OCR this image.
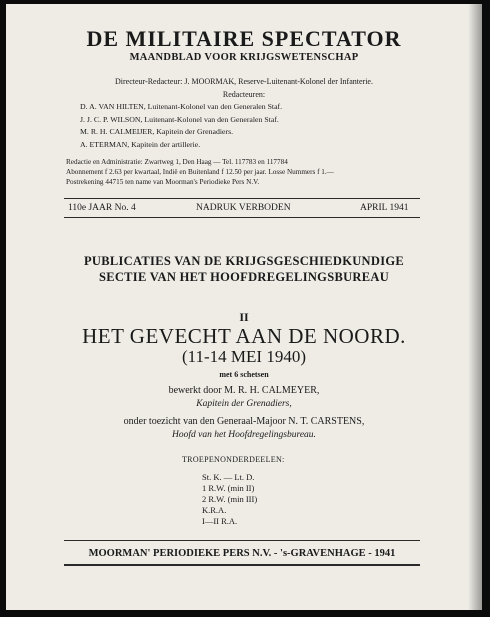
DE MILITAIRE SPECTATOR
MAANDBLAD VOOR KRIJGSWETENSCHAP
Directeur-Redacteur: J. MOORMAK, Reserve-Luitenant-Kolonel der Infanterie.
Redacteuren:
D. A. VAN HILTEN, Luitenant-Kolonel van den Generalen Staf.
J. J. C. P. WILSON, Luitenant-Kolonel van den Generalen Staf.
M. R. H. CALMEIJER, Kapitein der Grenadiers.
A. ETERMAN, Kapitein der artillerie.
Redactie en Administratie: Zwartweg 1, Den Haag — Tel. 117783 en 117784
Abonnement f 2.63 per kwartaal, Indië en Buitenland f 12.50 per jaar. Losse Nummers f 1.—
Postrekening 44715 ten name van Moorman's Periodieke Pers N.V.
110e JAAR No. 4	NADRUK VERBODEN	APRIL 1941
PUBLICATIES VAN DE KRIJGSGESCHIEDKUNDIGE
SECTIE VAN HET HOOFDREGELINGSBUREAU
II
HET GEVECHT AAN DE NOORD.
(11-14 MEI 1940)
met 6 schetsen
bewerkt door M. R. H. CALMEYER,
Kapitein der Grenadiers,
onder toezicht van den Generaal-Majoor N. T. CARSTENS,
Hoofd van het Hoofdregelingsbureau.
TROEPENONDERDEELEN:
St. K. — Lt. D.
1 R.W. (min II)
2 R.W. (min III)
K.R.A.
I—II R.A.
MOORMAN' PERIODIEKE PERS N.V. - 's-GRAVENHAGE - 1941
